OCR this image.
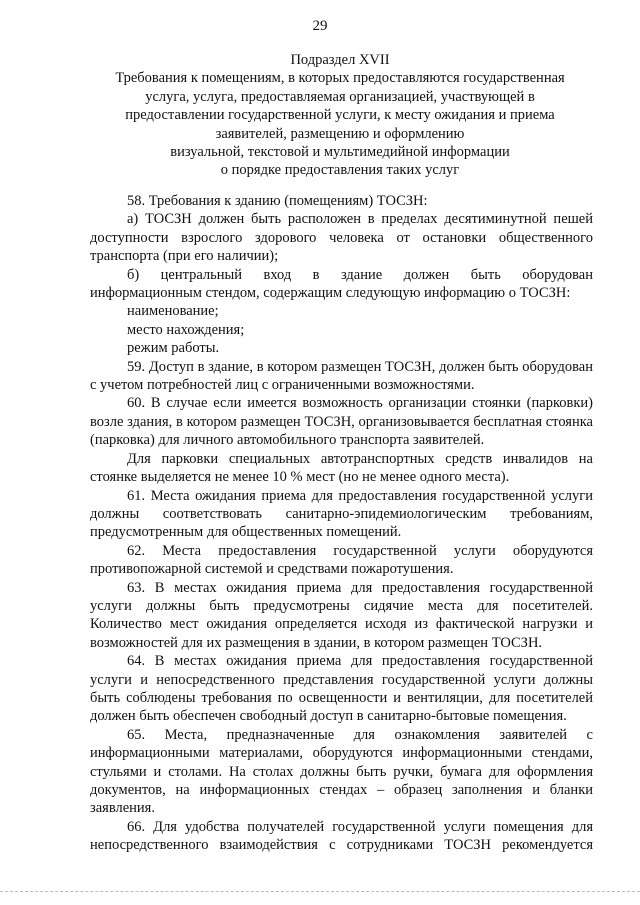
29
Подраздел XVII
Требования к помещениям, в которых предоставляются государственная
услуга, услуга, предоставляемая организацией, участвующей в
предоставлении государственной услуги, к месту ожидания и приема
заявителей, размещению и оформлению
визуальной, текстовой и мультимедийной информации
о порядке предоставления таких услуг

58. Требования к зданию (помещениям) ТОСЗН:

а) ТОСЗН должен быть расположен в пределах десятиминутной пешей доступности взрослого здорового человека от остановки общественного транспорта (при его наличии);

б) центральный вход в здание должен быть оборудован

информационным стендом, содержащим следующую информацию о ТОСЗН:

наименование;

место нахождения;

режим работы.

59. Доступ в здание, в котором размещен ТОСЗН, должен быть оборудован с учетом потребностей лиц с ограниченными возможностями.

60. В случае если имеется возможность организации стоянки (парковки) возле здания, в котором размещен ТОСЗН, организовывается бесплатная стоянка (парковка) для личного автомобильного транспорта заявителей.

Для парковки специальных автотранспортных средств инвалидов на стоянке выделяется не менее 10 % мест (но не менее одного места).

61. Места ожидания приема для предоставления государственной услуги должны соответствовать санитарно-эпидемиологическим требованиям, предусмотренным для общественных помещений.

62. Места предоставления государственной услуги оборудуются противопожарной системой и средствами пожаротушения.

63. В местах ожидания приема для предоставления государственной услуги должны быть предусмотрены сидячие места для посетителей. Количество мест ожидания определяется исходя из фактической нагрузки и возможностей для их размещения в здании, в котором размещен ТОСЗН.

64. В местах ожидания приема для предоставления государственной услуги и непосредственного представления государственной услуги должны быть соблюдены требования по освещенности и вентиляции, для посетителей должен быть обеспечен свободный доступ в санитарно-бытовые помещения.

65. Места, предназначенные для ознакомления заявителей с информационными материалами, оборудуются информационными стендами, стульями и столами. На столах должны быть ручки, бумага для оформления документов, на информационных стендах – образец заполнения и бланки заявления.

66. Для удобства получателей государственной услуги помещения для непосредственного взаимодействия с сотрудниками ТОСЗН рекомендуется
